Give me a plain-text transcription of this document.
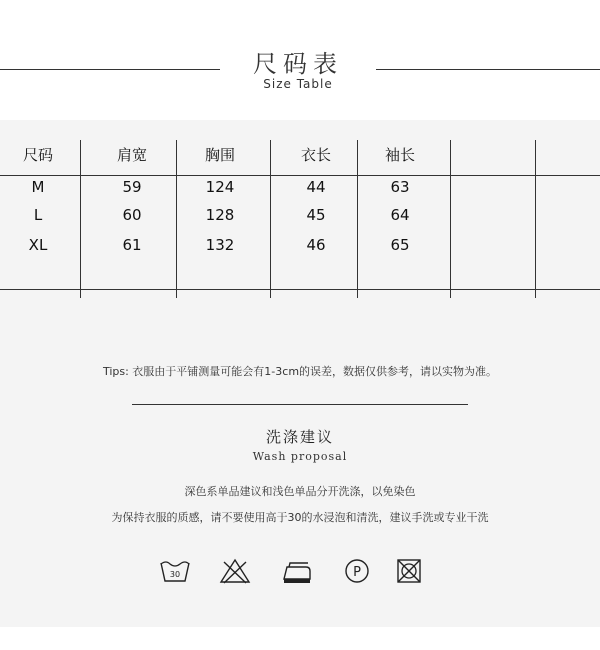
尺码表
Size Table
尺码	肩宽	胸围	衣长	袖长
M	59	124	44	63
L	60	128	45	64
XL	61	132	46	65
Tips: 衣服由于平铺测量可能会有1-3cm的误差，数据仅供参考，请以实物为准。
洗涤建议
Wash proposal
深色系单品建议和浅色单品分开洗涤，以免染色
为保持衣服的质感，请不要使用高于30的水浸泡和清洗，建议手洗或专业干洗
30	P
